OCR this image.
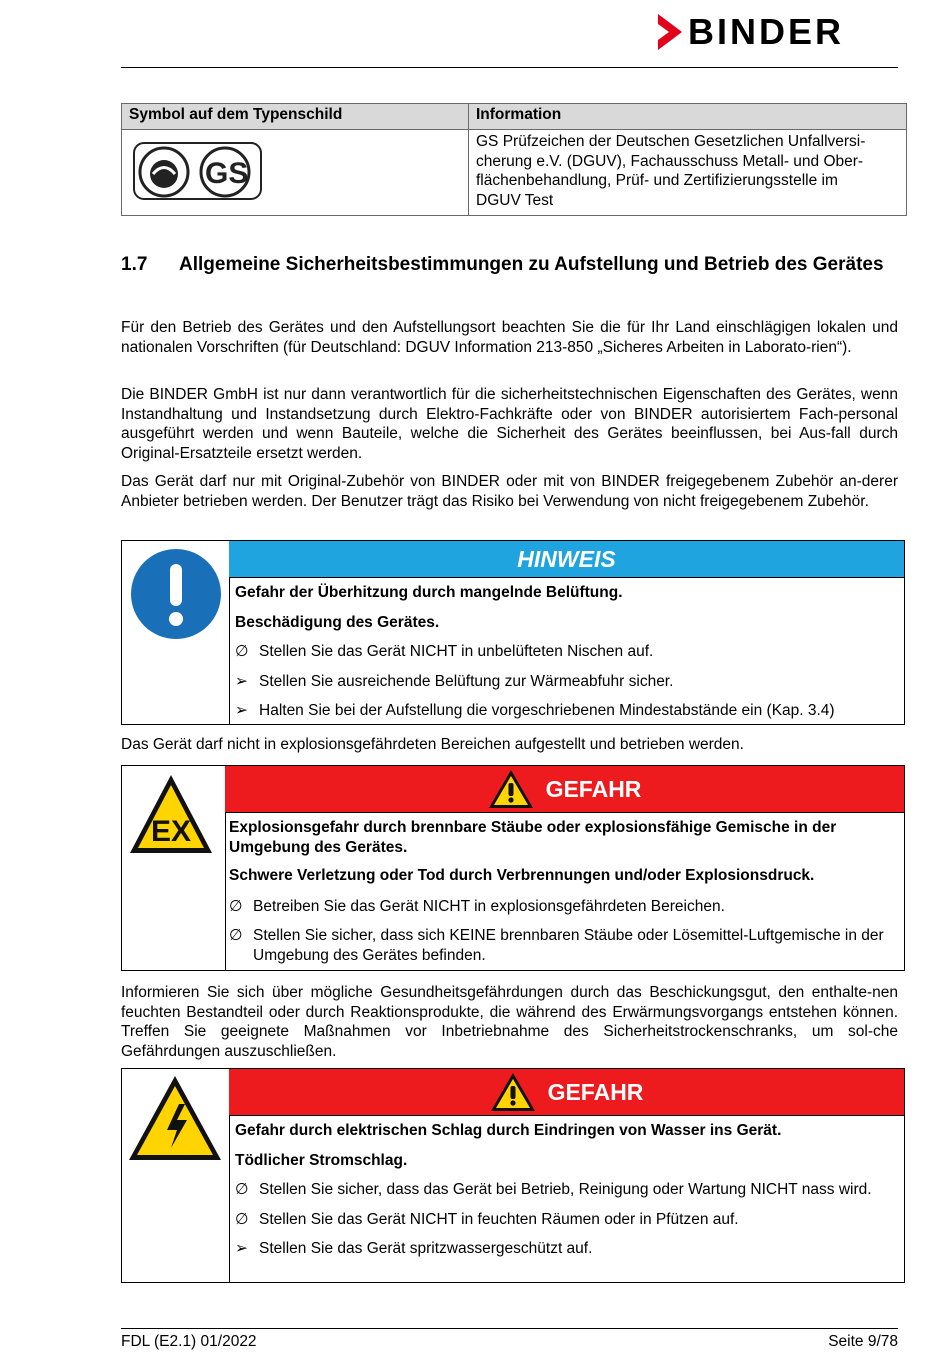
BINDER
Symbol auf dem Typenschild	Information

GS	GS Prüfzeichen der Deutschen Gesetzlichen Unfallversi-
cherung e.V. (DGUV), Fachausschuss Metall- und Ober-
flächenbehandlung, Prüf- und Zertifizierungsstelle im
DGUV Test
1.7 Allgemeine Sicherheitsbestimmungen zu Aufstellung und Betrieb des Gerätes

Für den Betrieb des Gerätes und den Aufstellungsort beachten Sie die für Ihr Land einschlägigen lokalen und nationalen Vorschriften (für Deutschland: DGUV Information 213-850 „Sicheres Arbeiten in Laborato-rien“).

Die BINDER GmbH ist nur dann verantwortlich für die sicherheitstechnischen Eigenschaften des Gerätes, wenn Instandhaltung und Instandsetzung durch Elektro-Fachkräfte oder von BINDER autorisiertem Fach-personal ausgeführt werden und wenn Bauteile, welche die Sicherheit des Gerätes beeinflussen, bei Aus-fall durch Original-Ersatzteile ersetzt werden.

Das Gerät darf nur mit Original-Zubehör von BINDER oder mit von BINDER freigegebenem Zubehör an-derer Anbieter betrieben werden. Der Benutzer trägt das Risiko bei Verwendung von nicht freigegebenem Zubehör.

HINWEIS

Gefahr der Überhitzung durch mangelnde Belüftung.

Beschädigung des Gerätes.

∅ Stellen Sie das Gerät NICHT in unbelüfteten Nischen auf.
➢ Stellen Sie ausreichende Belüftung zur Wärmeabfuhr sicher.
➢ Halten Sie bei der Aufstellung die vorgeschriebenen Mindestabstände ein (Kap. 3.4)

Das Gerät darf nicht in explosionsgefährdeten Bereichen aufgestellt und betrieben werden.

EX
GEFAHR

Explosionsgefahr durch brennbare Stäube oder explosionsfähige Gemische in der Umgebung des Gerätes.

Schwere Verletzung oder Tod durch Verbrennungen und/oder Explosionsdruck.

∅ Betreiben Sie das Gerät NICHT in explosionsgefährdeten Bereichen.
∅ Stellen Sie sicher, dass sich KEINE brennbaren Stäube oder Lösemittel-Luftgemische in der Umgebung des Gerätes befinden.

Informieren Sie sich über mögliche Gesundheitsgefährdungen durch das Beschickungsgut, den enthalte-nen feuchten Bestandteil oder durch Reaktionsprodukte, die während des Erwärmungsvorgangs entstehen können. Treffen Sie geeignete Maßnahmen vor Inbetriebnahme des Sicherheitstrockenschranks, um sol-che Gefährdungen auszuschließen.

GEFAHR

Gefahr durch elektrischen Schlag durch Eindringen von Wasser ins Gerät.

Tödlicher Stromschlag.

∅ Stellen Sie sicher, dass das Gerät bei Betrieb, Reinigung oder Wartung NICHT nass wird.
∅ Stellen Sie das Gerät NICHT in feuchten Räumen oder in Pfützen auf.
➢ Stellen Sie das Gerät spritzwassergeschützt auf.
FDL (E2.1) 01/2022	Seite 9/78
